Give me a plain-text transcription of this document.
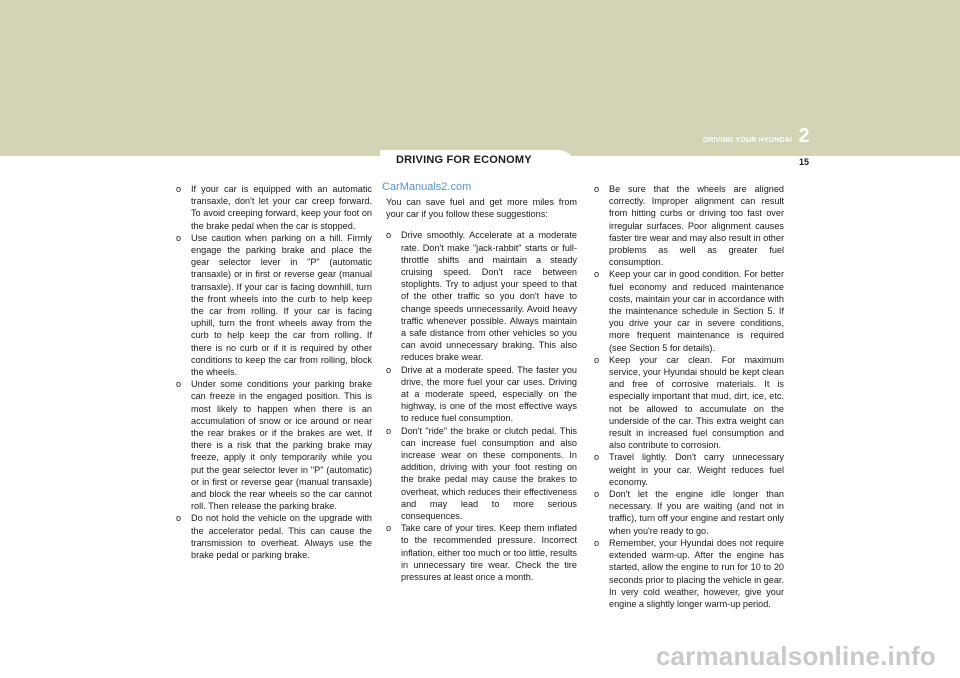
DRIVING FOR ECONOMY
DRIVING YOUR HYUNDAI 2
15
CarManuals2.com
o If your car is equipped with an automatic transaxle, don't let your car creep forward. To avoid creeping forward, keep your foot on the brake pedal when the car is stopped.
o Use caution when parking on a hill. Firmly engage the parking brake and place the gear selector lever in "P" (automatic transaxle) or in first or reverse gear (manual transaxle). If your car is facing downhill, turn the front wheels into the curb to help keep the car from rolling. If your car is facing uphill, turn the front wheels away from the curb to help keep the car from rolling. If there is no curb or if it is required by other conditions to keep the car from rolling, block the wheels.
o Under some conditions your parking brake can freeze in the engaged position. This is most likely to happen when there is an accumulation of snow or ice around or near the rear brakes or if the brakes are wet. If there is a risk that the parking brake may freeze, apply it only temporarily while you put the gear selector lever in "P" (automatic) or in first or reverse gear (manual transaxle) and block the rear wheels so the car cannot roll. Then release the parking brake.
o Do not hold the vehicle on the upgrade with the accelerator pedal. This can cause the transmission to overheat. Always use the brake pedal or parking brake.

You can save fuel and get more miles from your car if you follow these suggestions:

o Drive smoothly. Accelerate at a moderate rate. Don't make "jack-rabbit" starts or full-throttle shifts and maintain a steady cruising speed. Don't race between stoplights. Try to adjust your speed to that of the other traffic so you don't have to change speeds unnecessarily. Avoid heavy traffic whenever possible. Always maintain a safe distance from other vehicles so you can avoid unnecessary braking. This also reduces brake wear.
o Drive at a moderate speed. The faster you drive, the more fuel your car uses. Driving at a moderate speed, especially on the highway, is one of the most effective ways to reduce fuel consumption.
o Don't "ride" the brake or clutch pedal. This can increase fuel consumption and also increase wear on these components. In addition, driving with your foot resting on the brake pedal may cause the brakes to overheat, which reduces their effectiveness and may lead to more serious consequences.
o Take care of your tires. Keep them inflated to the recommended pressure. Incorrect inflation, either too much or too little, results in unnecessary tire wear. Check the tire pressures at least once a month.
o Be sure that the wheels are aligned correctly. Improper alignment can result from hitting curbs or driving too fast over irregular surfaces. Poor alignment causes faster tire wear and may also result in other problems as well as greater fuel consumption.
o Keep your car in good condition. For better fuel economy and reduced maintenance costs, maintain your car in accordance with the maintenance schedule in Section 5. If you drive your car in severe conditions, more frequent maintenance is required (see Section 5 for details).
o Keep your car clean. For maximum service, your Hyundai should be kept clean and free of corrosive materials. It is especially important that mud, dirt, ice, etc. not be allowed to accumulate on the underside of the car. This extra weight can result in increased fuel consumption and also contribute to corrosion.
o Travel lightly. Don't carry unnecessary weight in your car. Weight reduces fuel economy.
o Don't let the engine idle longer than necessary. If you are waiting (and not in traffic), turn off your engine and restart only when you're ready to go.
o Remember, your Hyundai does not require extended warm-up. After the engine has started, allow the engine to run for 10 to 20 seconds prior to placing the vehicle in gear. In very cold weather, however, give your engine a slightly longer warm-up period.
carmanualsonline.info
